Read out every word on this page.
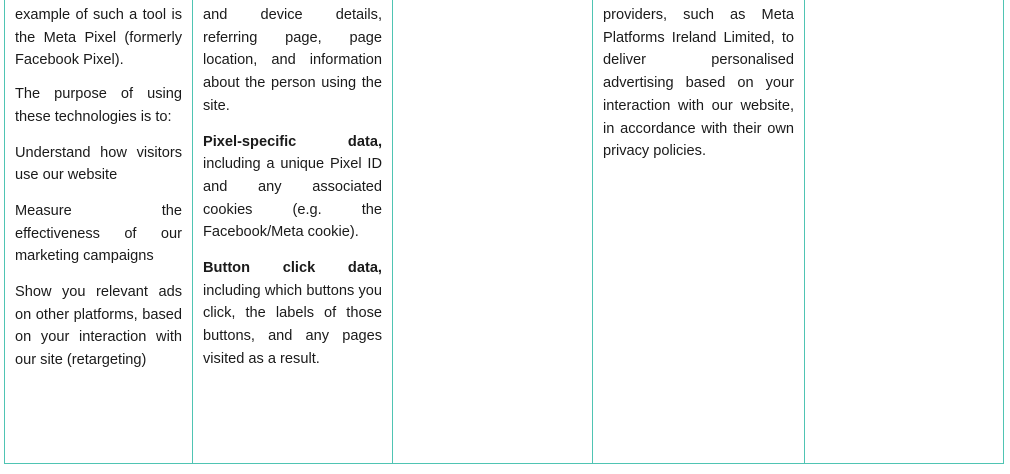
example of such a tool is the Meta Pixel (formerly Facebook Pixel).

The purpose of using these technologies is to:

Understand how visitors use our website

Measure the effectiveness of our marketing campaigns

Show you relevant ads on other platforms, based on your interaction with our site (retargeting)

and device details, referring page, page location, and information about the person using the site.

Pixel-specific data, including a unique Pixel ID and any associated cookies (e.g. the Facebook/Meta cookie).

Button click data, including which buttons you click, the labels of those buttons, and any pages visited as a result.

providers, such as Meta Platforms Ireland Limited, to deliver personalised advertising based on your interaction with our website, in accordance with their own privacy policies.
